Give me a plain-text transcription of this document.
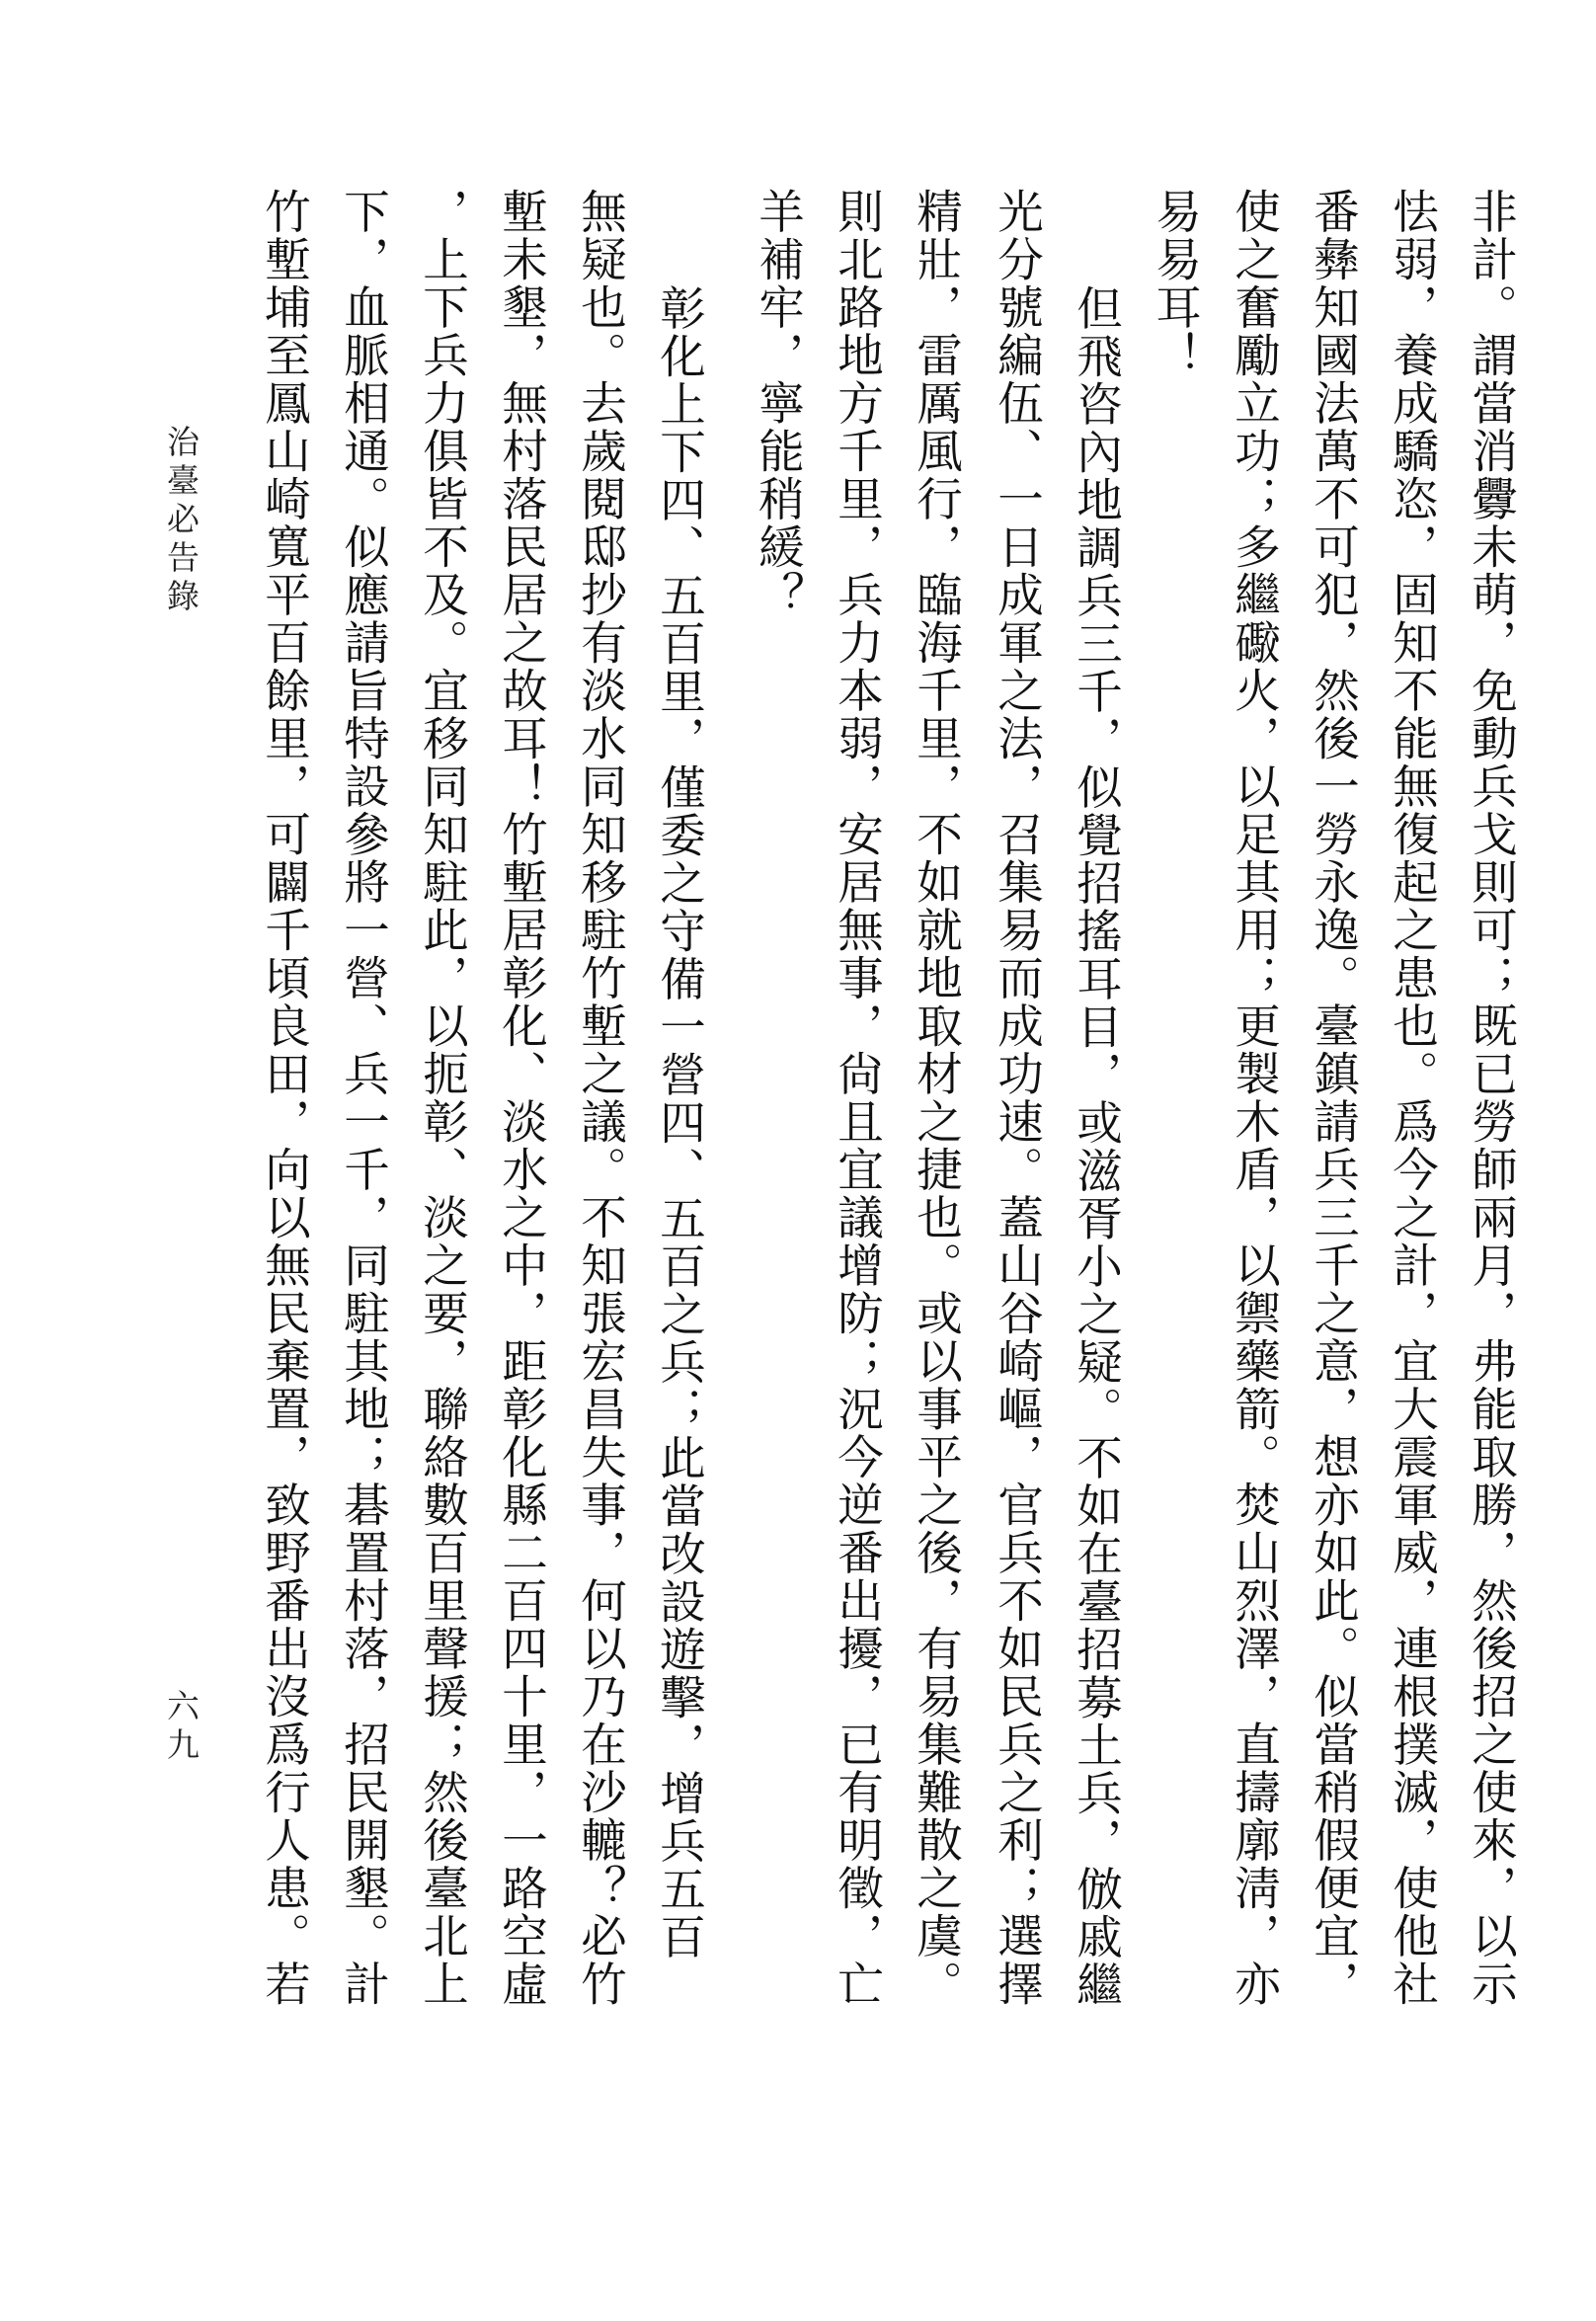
非計。謂當消釁未萌，免動兵戈則可；既已勞師兩月，弗能取勝，然後招之使來，以示
怯弱，養成驕恣，固知不能無復起之患也。爲今之計，宜大震軍威，連根撲滅，使他社
番彝知國法萬不可犯，然後一勞永逸。臺鎮請兵三千之意，想亦如此。似當稍假便宜，
使之奮勵立功；多繼礮火，以足其用；更製木盾，以禦藥箭。焚山烈澤，直擣廓淸，亦
易易耳！
但飛咨內地調兵三千，似覺招搖耳目，或滋胥小之疑。不如在臺招募土兵，倣戚繼
光分號編伍、一日成軍之法，召集易而成功速。蓋山谷崎嶇，官兵不如民兵之利；選擇
精壯，雷厲風行，臨海千里，不如就地取材之捷也。或以事平之後，有易集難散之虞。
則北路地方千里，兵力本弱，安居無事，尙且宜議增防；況今逆番出擾，已有明徵，亡
羊補牢，寧能稍緩？
彰化上下四、五百里，僅委之守備一營四、五百之兵；此當改設遊擊，增兵五百
無疑也。去歲閱邸抄有淡水同知移駐竹塹之議。不知張宏昌失事，何以乃在沙轆？必竹
塹未墾，無村落民居之故耳！竹塹居彰化、淡水之中，距彰化縣二百四十里，一路空虛
，上下兵力俱皆不及。宜移同知駐此，以扼彰、淡之要，聯絡數百里聲援；然後臺北上
下，血脈相通。似應請旨特設參將一營、兵一千，同駐其地；碁置村落，招民開墾。計
竹塹埔至鳳山崎寬平百餘里，可闢千頃良田，向以無民棄置，致野番出沒爲行人患。若
治臺必告錄
六九
